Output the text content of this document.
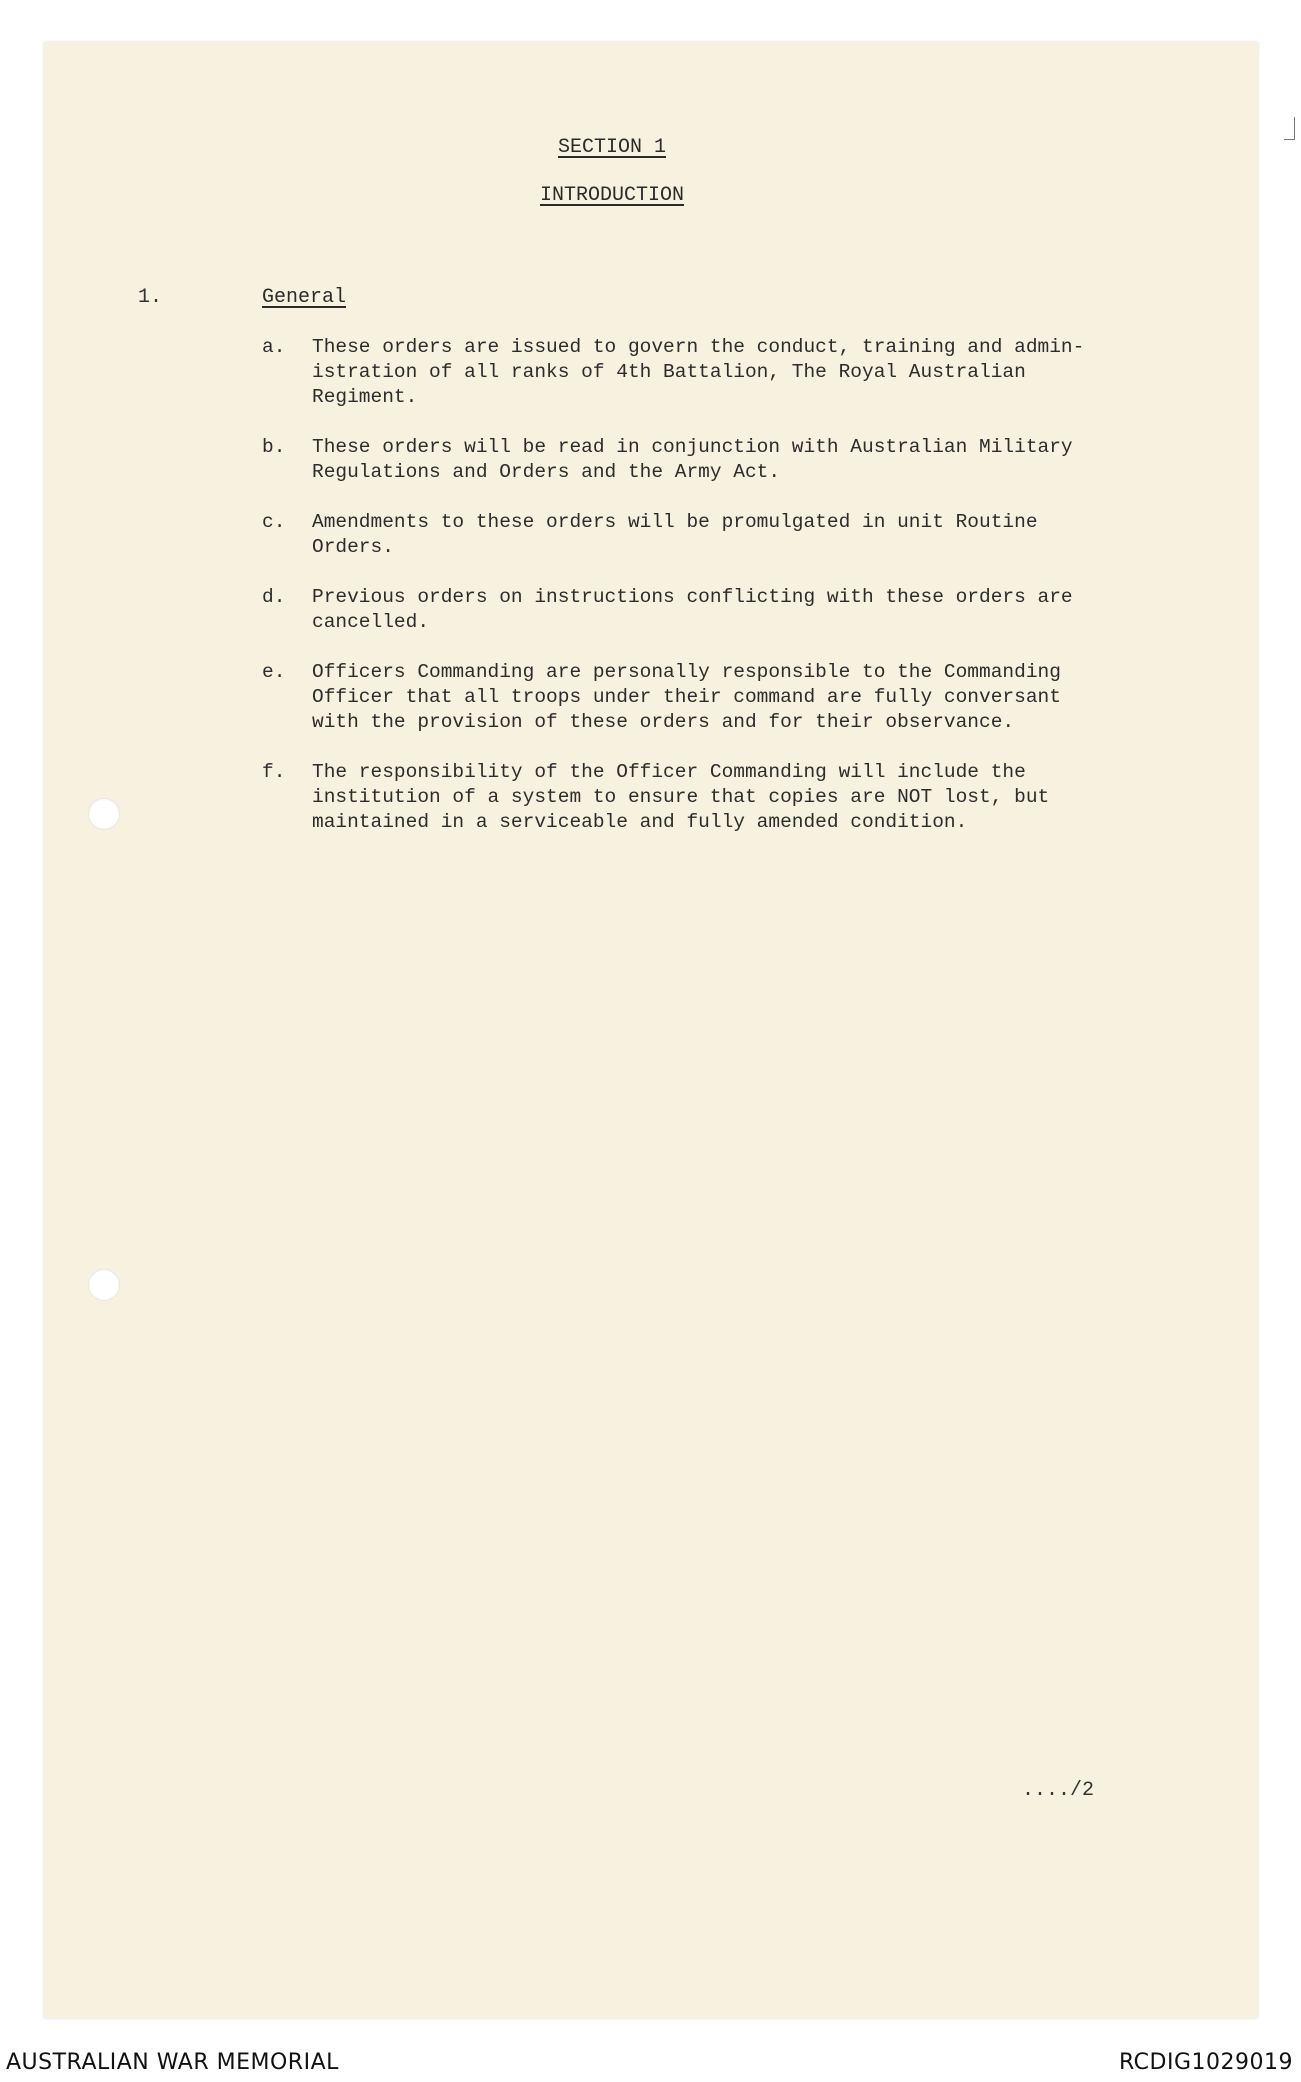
SECTION 1
INTRODUCTION
1.	General
a.	These orders are issued to govern the conduct, training and admin-
istration of all ranks of 4th Battalion, The Royal Australian
Regiment.
b.	These orders will be read in conjunction with Australian Military
Regulations and Orders and the Army Act.
c.	Amendments to these orders will be promulgated in unit Routine
Orders.
d.	Previous orders on instructions conflicting with these orders are
cancelled.
e.	Officers Commanding are personally responsible to the Commanding
Officer that all troops under their command are fully conversant
with the provision of these orders and for their observance.
f.	The responsibility of the Officer Commanding will include the
institution of a system to ensure that copies are NOT lost, but
maintained in a serviceable and fully amended condition.
..../2
AUSTRALIAN WAR MEMORIAL	RCDIG1029019
